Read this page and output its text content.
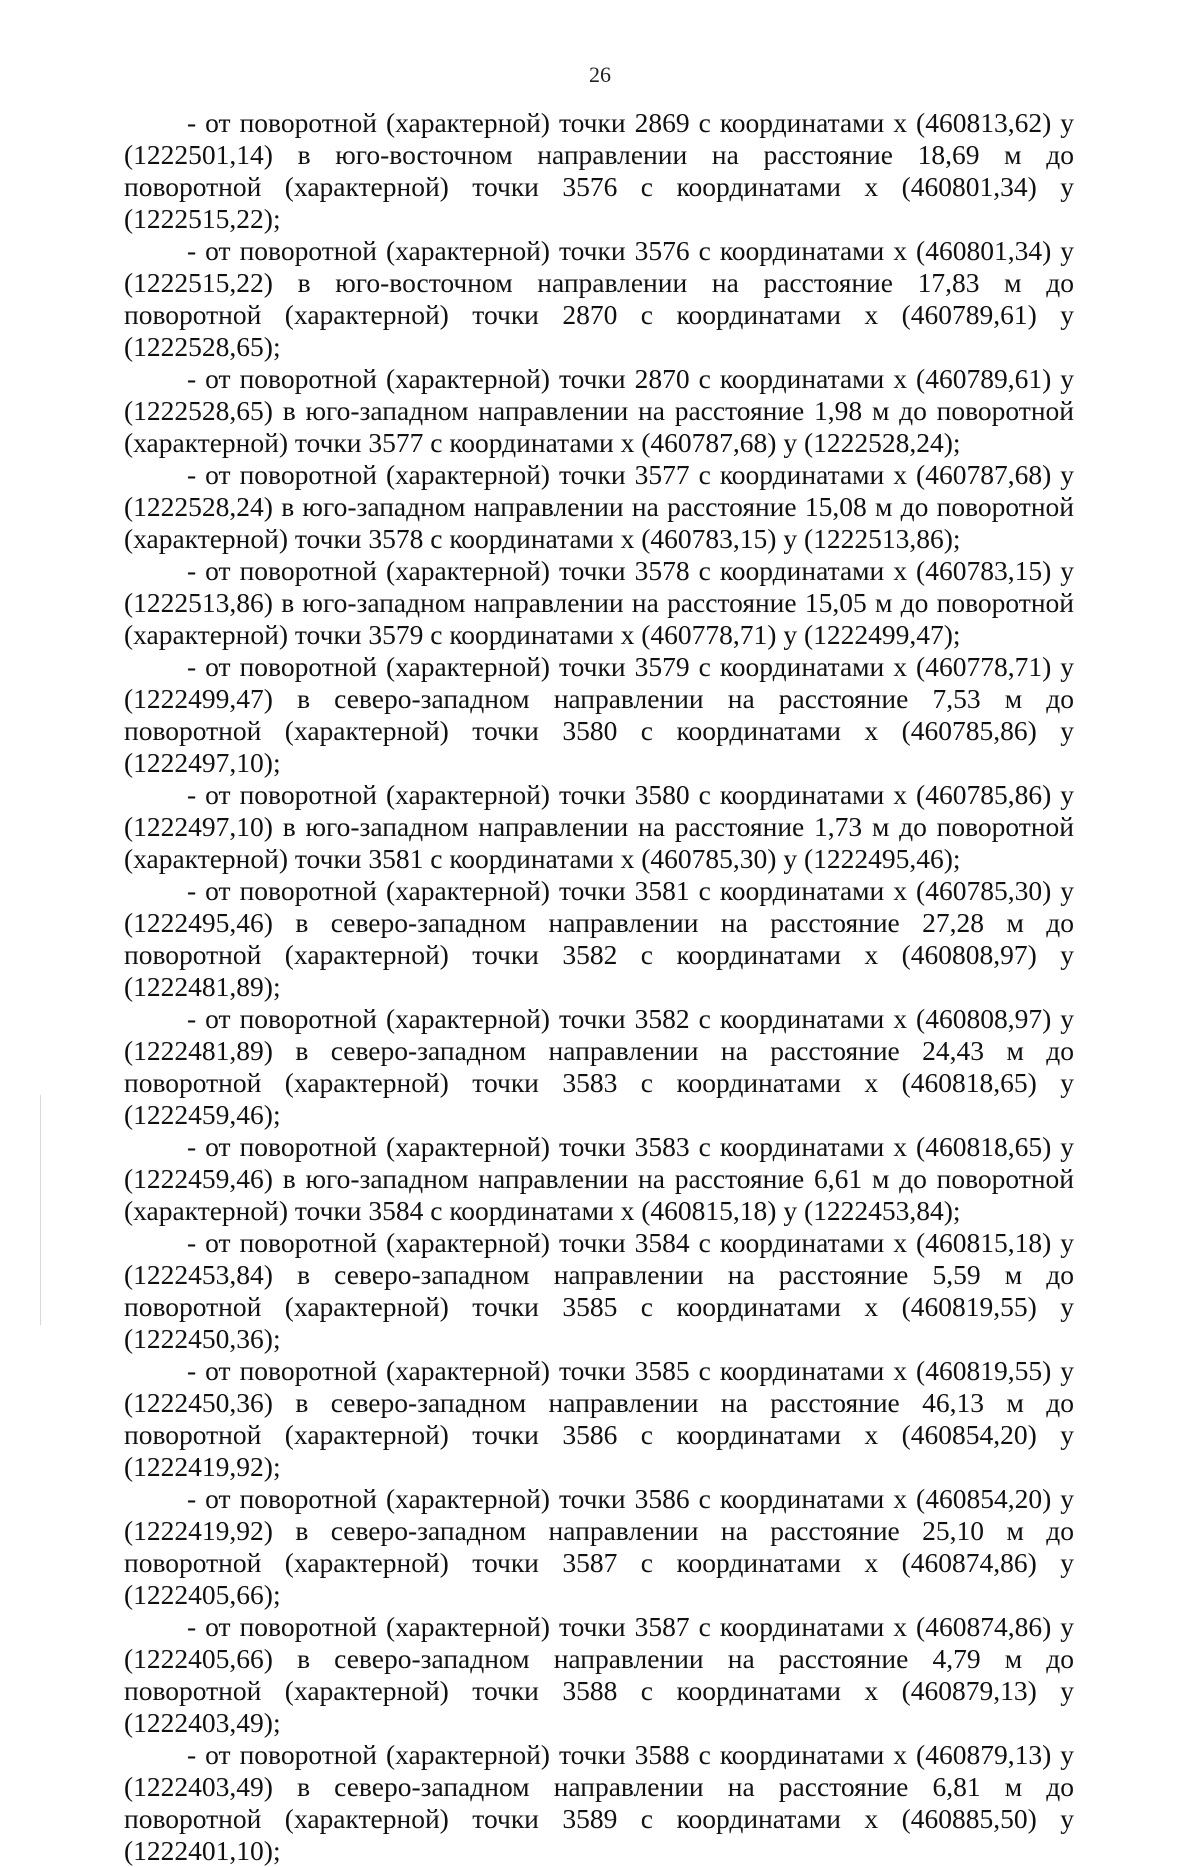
26

- от поворотной (характерной) точки 2869 с координатами x (460813,62) y (1222501,14) в юго-восточном направлении на расстояние 18,69 м до поворотной (характерной) точки 3576 с координатами x (460801,34) y (1222515,22);

- от поворотной (характерной) точки 3576 с координатами x (460801,34) y (1222515,22) в юго-восточном направлении на расстояние 17,83 м до поворотной (характерной) точки 2870 с координатами x (460789,61) y (1222528,65);

- от поворотной (характерной) точки 2870 с координатами x (460789,61) y (1222528,65) в юго-западном направлении на расстояние 1,98 м до поворотной (характерной) точки 3577 с координатами x (460787,68) y (1222528,24);

- от поворотной (характерной) точки 3577 с координатами x (460787,68) y (1222528,24) в юго-западном направлении на расстояние 15,08 м до поворотной (характерной) точки 3578 с координатами x (460783,15) y (1222513,86);

- от поворотной (характерной) точки 3578 с координатами x (460783,15) y (1222513,86) в юго-западном направлении на расстояние 15,05 м до поворотной (характерной) точки 3579 с координатами x (460778,71) y (1222499,47);

- от поворотной (характерной) точки 3579 с координатами x (460778,71) y (1222499,47) в северо-западном направлении на расстояние 7,53 м до поворотной (характерной) точки 3580 с координатами x (460785,86) y (1222497,10);

- от поворотной (характерной) точки 3580 с координатами x (460785,86) y (1222497,10) в юго-западном направлении на расстояние 1,73 м до поворотной (характерной) точки 3581 с координатами x (460785,30) y (1222495,46);

- от поворотной (характерной) точки 3581 с координатами x (460785,30) y (1222495,46) в северо-западном направлении на расстояние 27,28 м до поворотной (характерной) точки 3582 с координатами x (460808,97) y (1222481,89);

- от поворотной (характерной) точки 3582 с координатами x (460808,97) y (1222481,89) в северо-западном направлении на расстояние 24,43 м до поворотной (характерной) точки 3583 с координатами x (460818,65) y (1222459,46);

- от поворотной (характерной) точки 3583 с координатами x (460818,65) y (1222459,46) в юго-западном направлении на расстояние 6,61 м до поворотной (характерной) точки 3584 с координатами x (460815,18) y (1222453,84);

- от поворотной (характерной) точки 3584 с координатами x (460815,18) y (1222453,84) в северо-западном направлении на расстояние 5,59 м до поворотной (характерной) точки 3585 с координатами x (460819,55) y (1222450,36);

- от поворотной (характерной) точки 3585 с координатами x (460819,55) y (1222450,36) в северо-западном направлении на расстояние 46,13 м до поворотной (характерной) точки 3586 с координатами x (460854,20) y (1222419,92);

- от поворотной (характерной) точки 3586 с координатами x (460854,20) y (1222419,92) в северо-западном направлении на расстояние 25,10 м до поворотной (характерной) точки 3587 с координатами x (460874,86) y (1222405,66);

- от поворотной (характерной) точки 3587 с координатами x (460874,86) y (1222405,66) в северо-западном направлении на расстояние 4,79 м до поворотной (характерной) точки 3588 с координатами x (460879,13) y (1222403,49);

- от поворотной (характерной) точки 3588 с координатами x (460879,13) y (1222403,49) в северо-западном направлении на расстояние 6,81 м до поворотной (характерной) точки 3589 с координатами x (460885,50) y (1222401,10);
